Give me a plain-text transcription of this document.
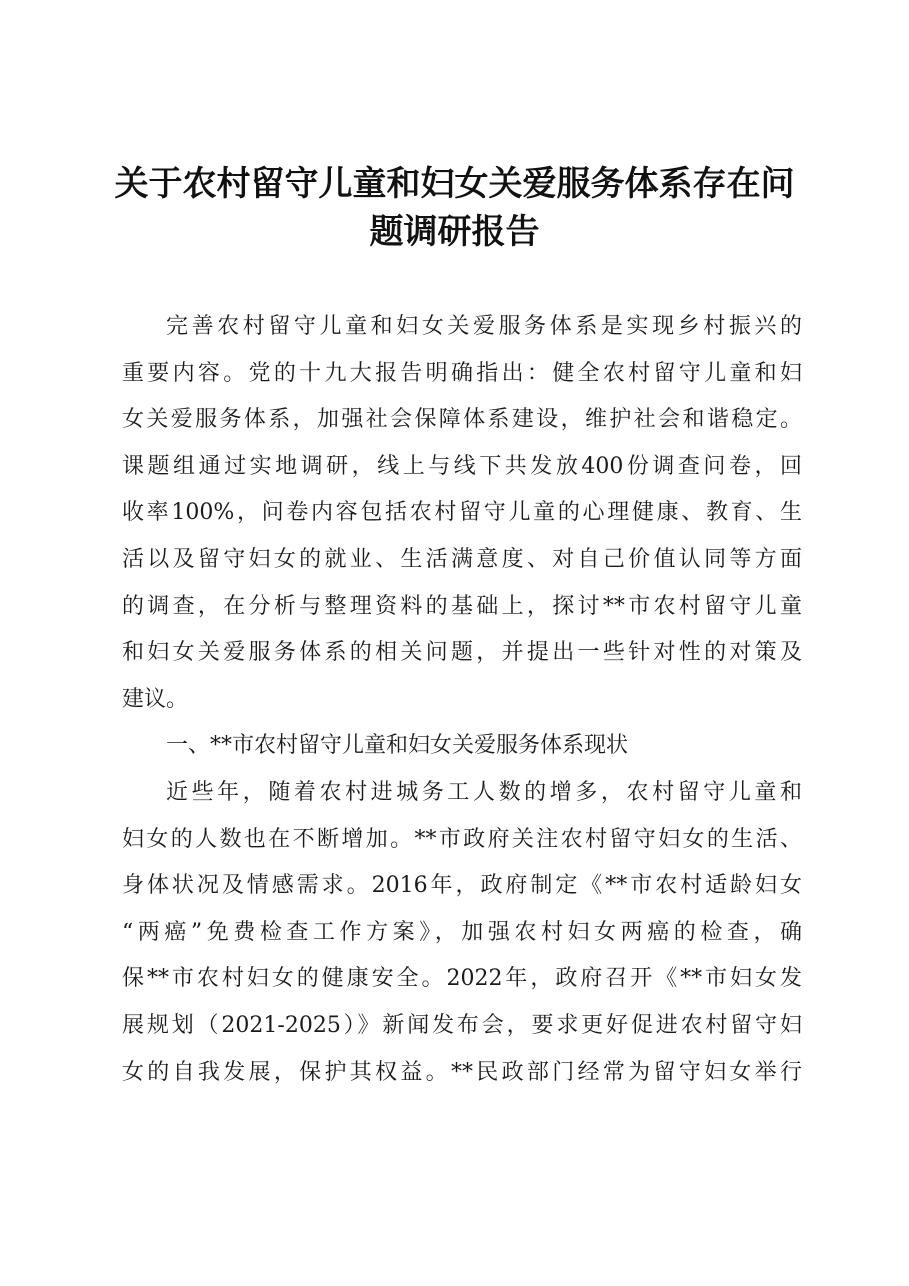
关于农村留守儿童和妇女关爱服务体系存在问
题调研报告
完善农村留守儿童和妇女关爱服务体系是实现乡村振兴的
重要内容。党的十九大报告明确指出：健全农村留守儿童和妇
女关爱服务体系，加强社会保障体系建设，维护社会和谐稳定。
课题组通过实地调研，线上与线下共发放400份调查问卷，回
收率100%，问卷内容包括农村留守儿童的心理健康、教育、生
活以及留守妇女的就业、生活满意度、对自己价值认同等方面
的调查，在分析与整理资料的基础上，探讨**市农村留守儿童
和妇女关爱服务体系的相关问题，并提出一些针对性的对策及
建议。
一、**市农村留守儿童和妇女关爱服务体系现状
近些年，随着农村进城务工人数的增多，农村留守儿童和
妇女的人数也在不断增加。**市政府关注农村留守妇女的生活、
身体状况及情感需求。2016年，政府制定《**市农村适龄妇女
“两癌”免费检查工作方案》，加强农村妇女两癌的检查，确
保**市农村妇女的健康安全。2022年，政府召开《**市妇女发
展规划（2021-2025）》新闻发布会，要求更好促进农村留守妇
女的自我发展，保护其权益。**民政部门经常为留守妇女举行
